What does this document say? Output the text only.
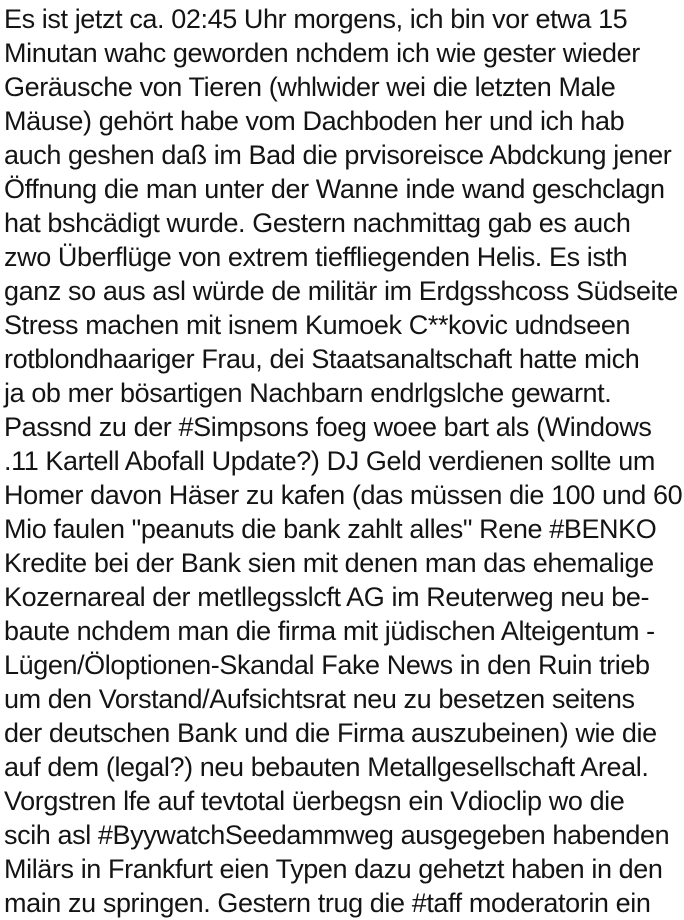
Es ist jetzt ca. 02:45 Uhr morgens, ich bin vor etwa 15
Minutan wahc geworden nchdem ich wie gester wieder
Geräusche von Tieren (whlwider wei die letzten Male
Mäuse) gehört habe vom Dachboden her und ich hab
auch geshen daß im Bad die prvisoreisce Abdckung jener
Öffnung die man unter der Wanne inde wand geschclagn
hat bshcädigt wurde. Gestern nachmittag gab es auch
zwo Überflüge von extrem tieffliegenden Helis. Es isth
ganz so aus asl würde de militär im Erdgsshcoss Südseite
Stress machen mit isnem Kumoek C**kovic udndseen
rotblondhaariger Frau, dei Staatsanaltschaft hatte mich
ja ob mer bösartigen Nachbarn endrlgslche gewarnt.
Passnd zu der #Simpsons foeg woee bart als (Windows
.11 Kartell Abofall Update?) DJ Geld verdienen sollte um
Homer davon Häser zu kafen (das müssen die 100 und 60
Mio faulen "peanuts die bank zahlt alles" Rene #BENKO
Kredite bei der Bank sien mit denen man das ehemalige
Kozernareal der metllegsslcft AG im Reuterweg neu be-
baute nchdem man die firma mit jüdischen Alteigentum -
Lügen/Öloptionen-Skandal Fake News in den Ruin trieb
um den Vorstand/Aufsichtsrat neu zu besetzen seitens
der deutschen Bank und die Firma auszubeinen) wie die
auf dem (legal?) neu bebauten Metallgesellschaft Areal.
Vorgstren lfe auf tevtotal üerbegsn ein Vdioclip wo die
scih asl #ByywatchSeedammweg ausgegeben habenden
Milärs in Frankfurt eien Typen dazu gehetzt haben in den
main zu springen. Gestern trug die #taff moderatorin ein
